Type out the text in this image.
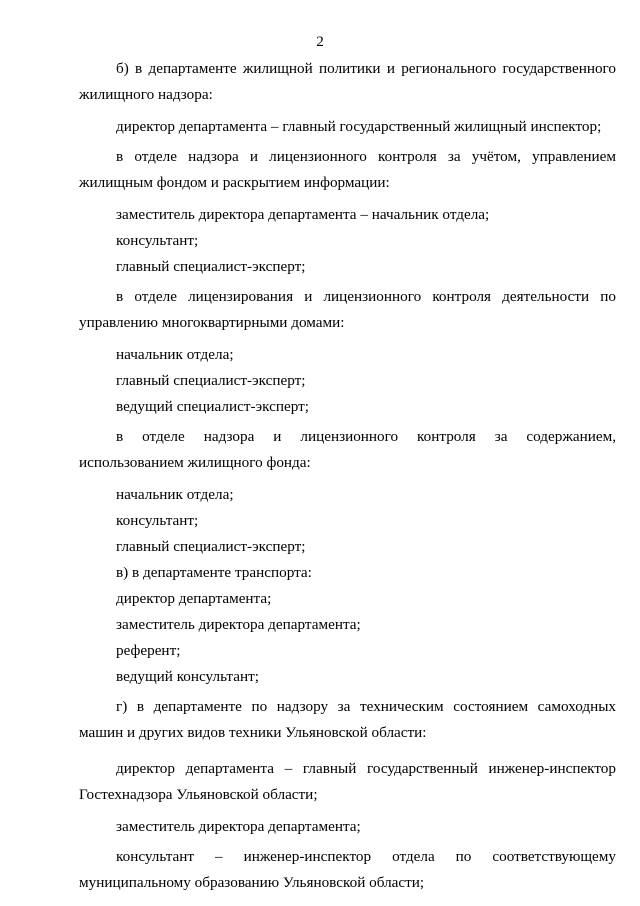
2

б) в департаменте жилищной политики и регионального государственного жилищного надзора:

директор департамента – главный государственный жилищный инспектор;

в отделе надзора и лицензионного контроля за учётом, управлением жилищным фондом и раскрытием информации:

заместитель директора департамента – начальник отдела;

консультант;

главный специалист-эксперт;

в отделе лицензирования и лицензионного контроля деятельности по управлению многоквартирными домами:

начальник отдела;

главный специалист-эксперт;

ведущий специалист-эксперт;

в отделе надзора и лицензионного контроля за содержанием, использованием жилищного фонда:

начальник отдела;

консультант;

главный специалист-эксперт;

в) в департаменте транспорта:

директор департамента;

заместитель директора департамента;

референт;

ведущий консультант;

г) в департаменте по надзору за техническим состоянием самоходных машин и других видов техники Ульяновской области:

директор департамента – главный государственный инженер-инспектор Гостехнадзора Ульяновской области;

заместитель директора департамента;

консультант – инженер-инспектор отдела по соответствующему муниципальному образованию Ульяновской области;
